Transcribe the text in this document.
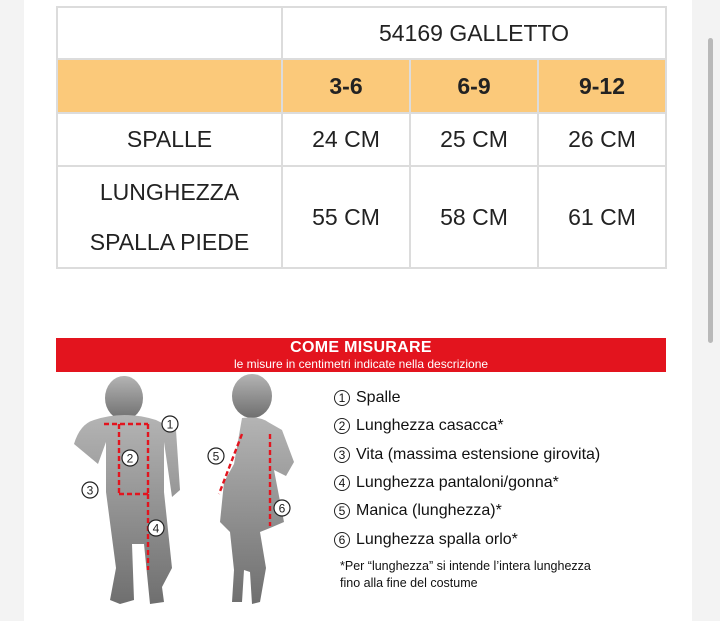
	54169 GALLETTO		
	3-6	6-9	9-12
SPALLE	24 CM	25 CM	26 CM

LUNGHEZZA
SPALLA PIEDE	55 CM	58 CM	61 CM
COME MISURARE
le misure in centimetri indicate nella descrizione
1
2
3
4
5
6
1 Spalle
2 Lunghezza casacca*
3 Vita (massima estensione girovita)
4 Lunghezza pantaloni/gonna*
5 Manica (lunghezza)*
6 Lunghezza spalla orlo*
*Per “lunghezza” si intende l’intera lunghezza
fino alla fine del costume
